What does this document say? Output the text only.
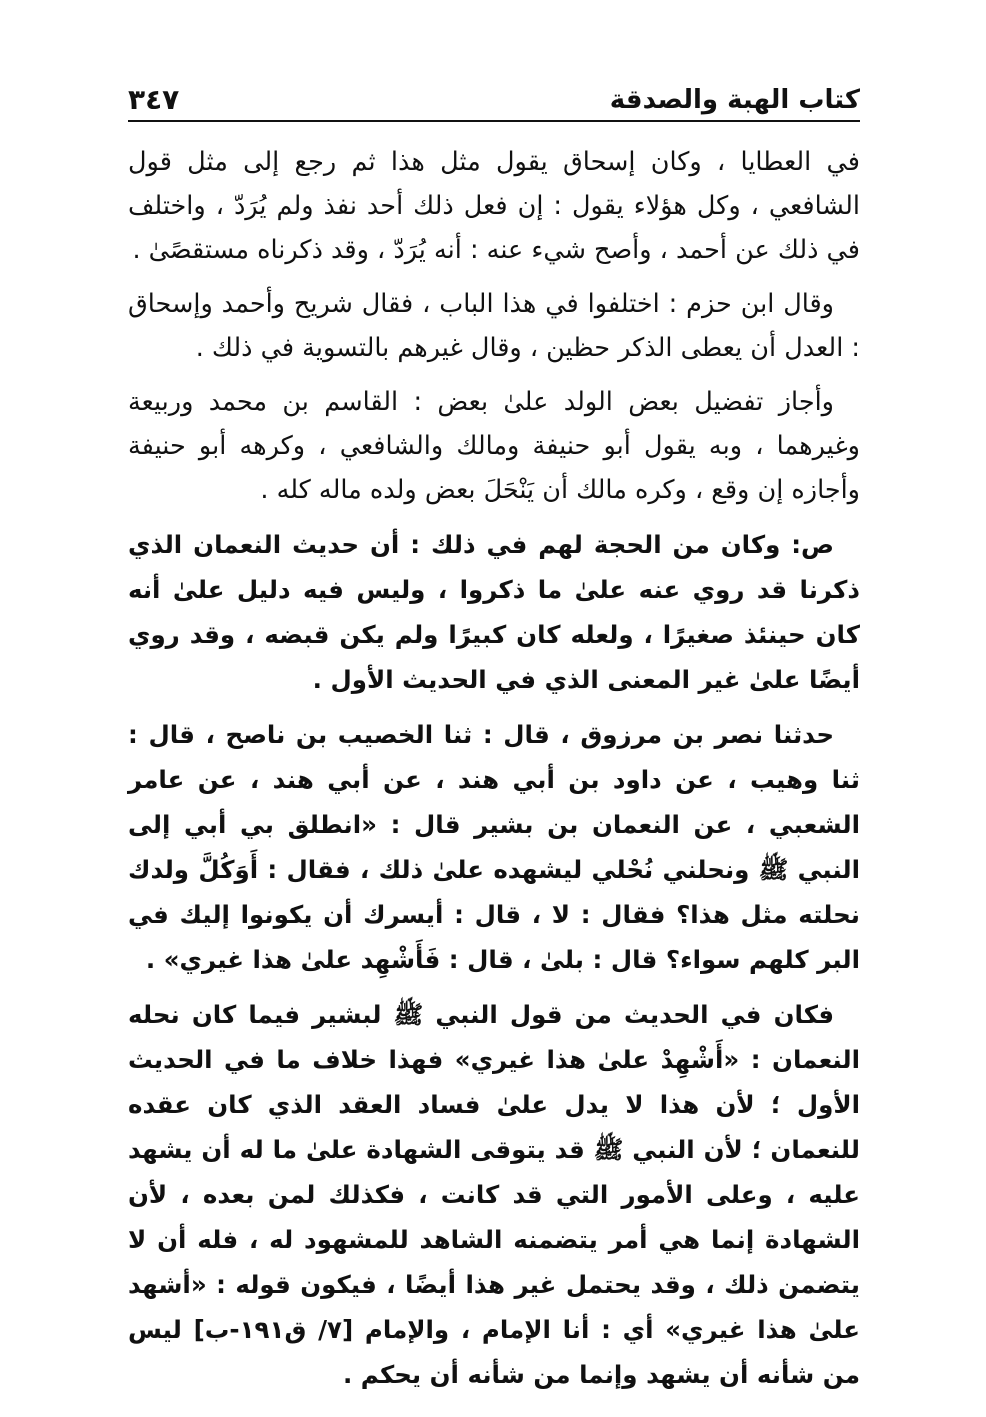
كتاب الهبة والصدقة
٣٤٧

في العطايا ، وكان إسحاق يقول مثل هذا ثم رجع إلى مثل قول الشافعي ، وكل هؤلاء يقول : إن فعل ذلك أحد نفذ ولم يُرَدّ ، واختلف في ذلك عن أحمد ، وأصح شيء عنه : أنه يُرَدّ ، وقد ذكرناه مستقصًىٰ .

وقال ابن حزم : اختلفوا في هذا الباب ، فقال شريح وأحمد وإسحاق : العدل أن يعطى الذكر حظين ، وقال غيرهم بالتسوية في ذلك .

وأجاز تفضيل بعض الولد علىٰ بعض : القاسم بن محمد وربيعة وغيرهما ، وبه يقول أبو حنيفة ومالك والشافعي ، وكرهه أبو حنيفة وأجازه إن وقع ، وكره مالك أن يَنْحَلَ بعض ولده ماله كله .

ص: وكان من الحجة لهم في ذلك : أن حديث النعمان الذي ذكرنا قد روي عنه علىٰ ما ذكروا ، وليس فيه دليل علىٰ أنه كان حينئذ صغيرًا ، ولعله كان كبيرًا ولم يكن قبضه ، وقد روي أيضًا علىٰ غير المعنى الذي في الحديث الأول .

حدثنا نصر بن مرزوق ، قال : ثنا الخصيب بن ناصح ، قال : ثنا وهيب ، عن داود بن أبي هند ، عن أبي هند ، عن عامر الشعبي ، عن النعمان بن بشير قال : «انطلق بي أبي إلى النبي ﷺ ونحلني نُحْلي ليشهده علىٰ ذلك ، فقال : أَوَكُلَّ ولدك نحلته مثل هذا؟ فقال : لا ، قال : أيسرك أن يكونوا إليك في البر كلهم سواء؟ قال : بلىٰ ، قال : فَأَشْهِد علىٰ هذا غيري» .

فكان في الحديث من قول النبي ﷺ لبشير فيما كان نحله النعمان : «أَشْهِدْ علىٰ هذا غيري» فهذا خلاف ما في الحديث الأول ؛ لأن هذا لا يدل علىٰ فساد العقد الذي كان عقده للنعمان ؛ لأن النبي ﷺ قد يتوقى الشهادة علىٰ ما له أن يشهد عليه ، وعلى الأمور التي قد كانت ، فكذلك لمن بعده ، لأن الشهادة إنما هي أمر يتضمنه الشاهد للمشهود له ، فله أن لا يتضمن ذلك ، وقد يحتمل غير هذا أيضًا ، فيكون قوله : «أشهد علىٰ هذا غيري» أي : أنا الإمام ، والإمام [٧/ ق١٩١-ب] ليس من شأنه أن يشهد وإنما من شأنه أن يحكم .
